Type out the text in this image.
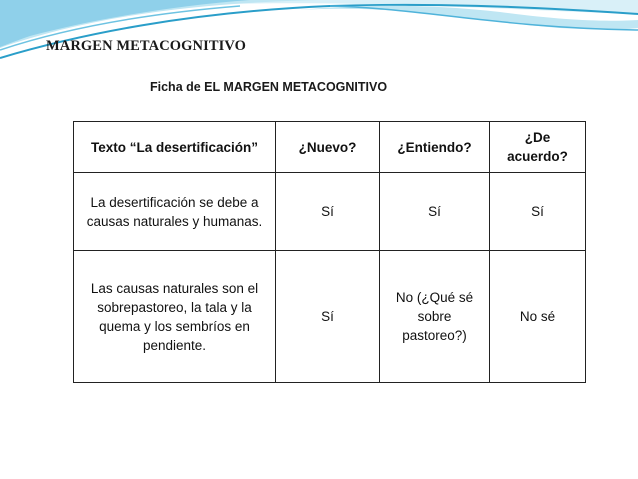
MARGEN METACOGNITIVO
Ficha de EL MARGEN METACOGNITIVO
Texto “La desertificación”	¿Nuevo?	¿Entiendo?	¿De acuerdo?
La desertificación se debe a causas naturales y humanas.	Sí	Sí	Sí
Las causas naturales son el sobrepastoreo, la tala y la quema y los sembríos en pendiente.	Sí	No (¿Qué sé sobre pastoreo?)	No sé
